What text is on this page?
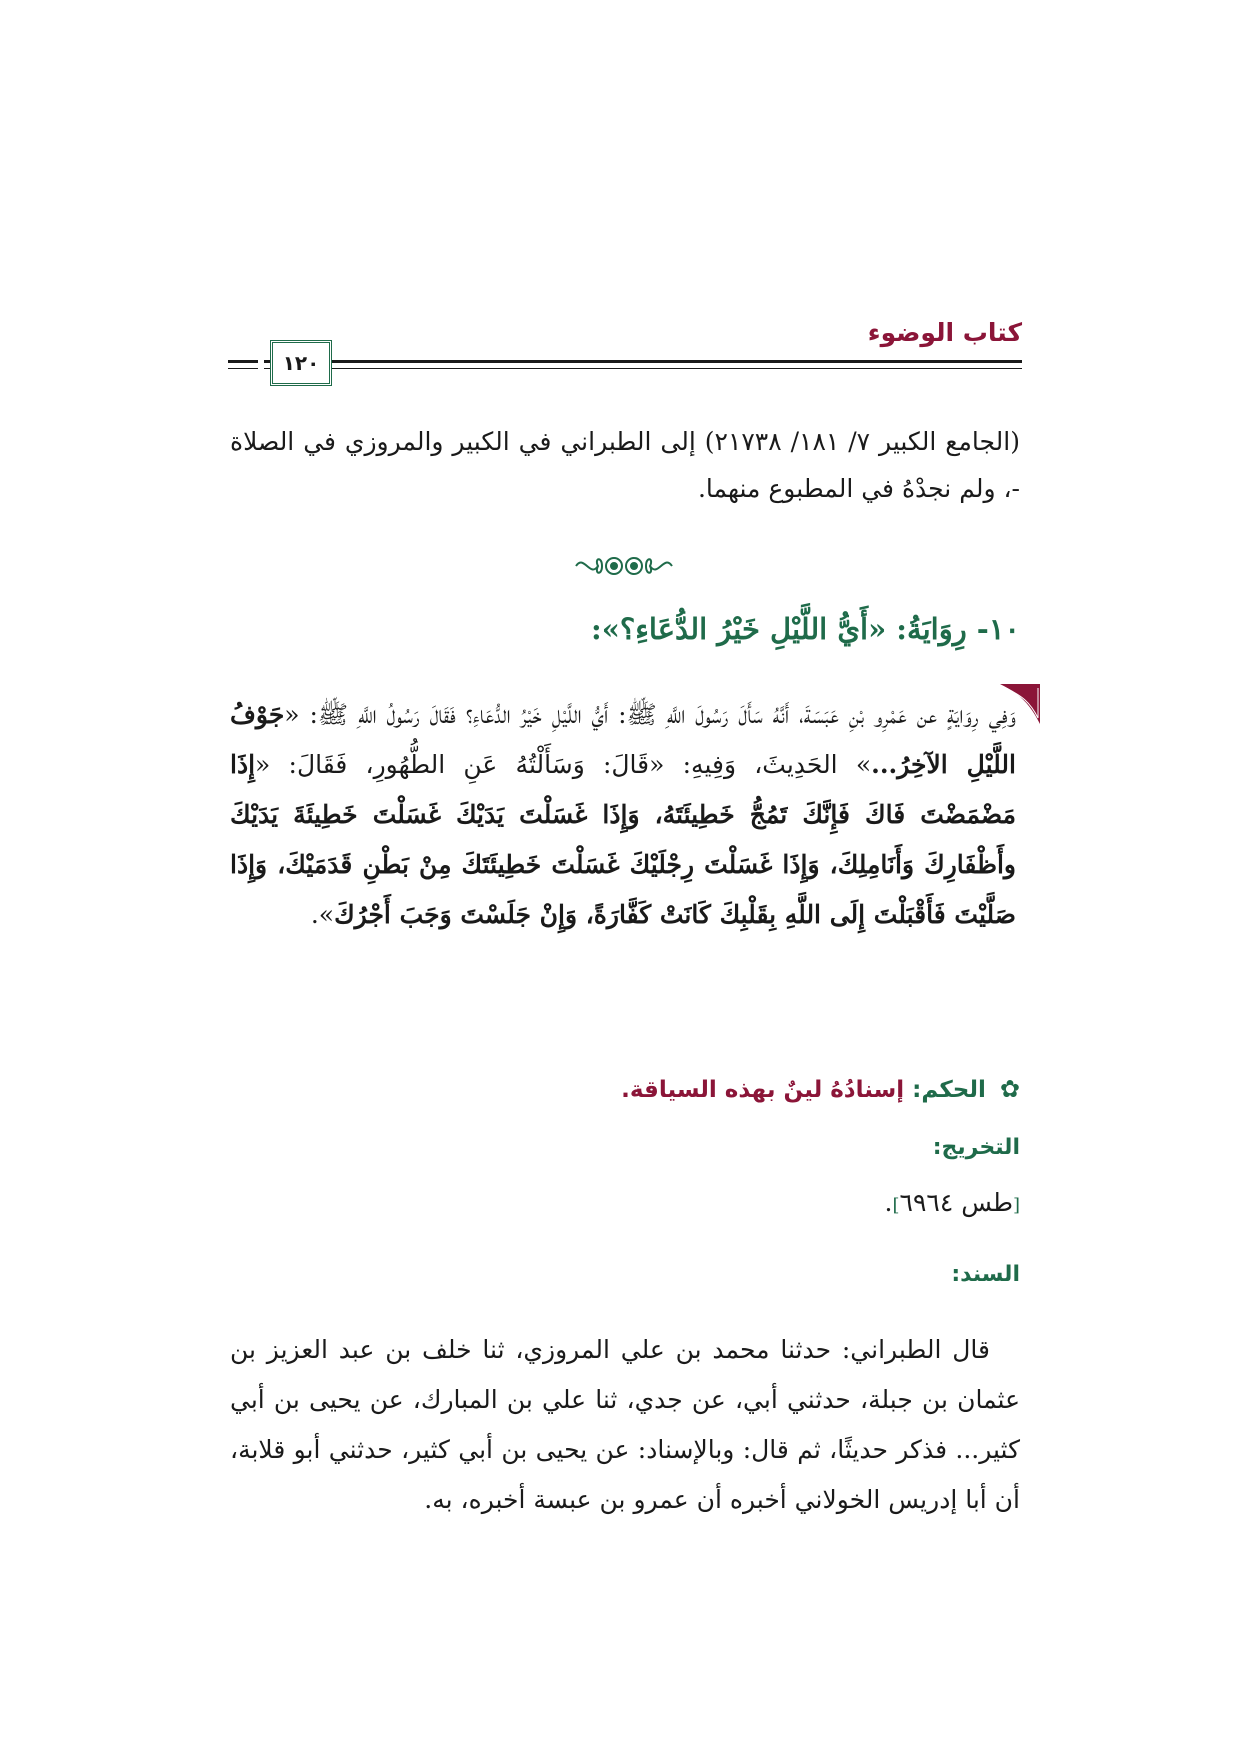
كتاب الوضوء
١٢٠
(الجامع الكبير ٧/ ١٨١/ ٢١٧٣٨) إلى الطبراني في الكبير والمروزي في الصلاة -، ولم نجدْهُ في المطبوع منهما.
١٠- رِوَايَةُ: «أَيُّ اللَّيْلِ خَيْرُ الدُّعَاءِ؟»:
وَفِي رِوَايَةٍ عن عَمْرِو بْنِ عَبَسَةَ، أَنَّهُ سَأَلَ رَسُولَ اللَّهِ ﷺ: أَيُّ اللَّيْلِ خَيْرُ الدُّعَاءِ؟ فَقَالَ رَسُولُ اللَّهِ ﷺ: «جَوْفُ اللَّيْلِ الآخِرُ...» الحَدِيثَ، وَفِيهِ: «قَالَ: وَسَأَلْتُهُ عَنِ الطُّهُورِ، فَقَالَ: «إِذَا مَضْمَضْتَ فَاكَ فَإِنَّكَ تَمُجُّ خَطِيئَتَهُ، وَإِذَا غَسَلْتَ يَدَيْكَ غَسَلْتَ خَطِيئَةَ يَدَيْكَ وأَظْفَارِكَ وَأَنَامِلِكَ، وَإِذَا غَسَلْتَ رِجْلَيْكَ غَسَلْتَ خَطِيئَتَكَ مِنْ بَطْنِ قَدَمَيْكَ، وَإِذَا صَلَّيْتَ فَأَقْبَلْتَ إِلَى اللَّهِ بِقَلْبِكَ كَانَتْ كَفَّارَةً، وَإِنْ جَلَسْتَ وَجَبَ أَجْرُكَ».
✿ الحكم: إسنادُهُ لينٌ بهذه السياقة.
التخريج:
[طس ٦٩٦٤].
السند:

قال الطبراني: حدثنا محمد بن علي المروزي، ثنا خلف بن عبد العزيز بن عثمان بن جبلة، حدثني أبي، عن جدي، ثنا علي بن المبارك، عن يحيى بن أبي كثير... فذكر حديثًا، ثم قال: وبالإسناد: عن يحيى بن أبي كثير، حدثني أبو قلابة، أن أبا إدريس الخولاني أخبره أن عمرو بن عبسة أخبره، به.
